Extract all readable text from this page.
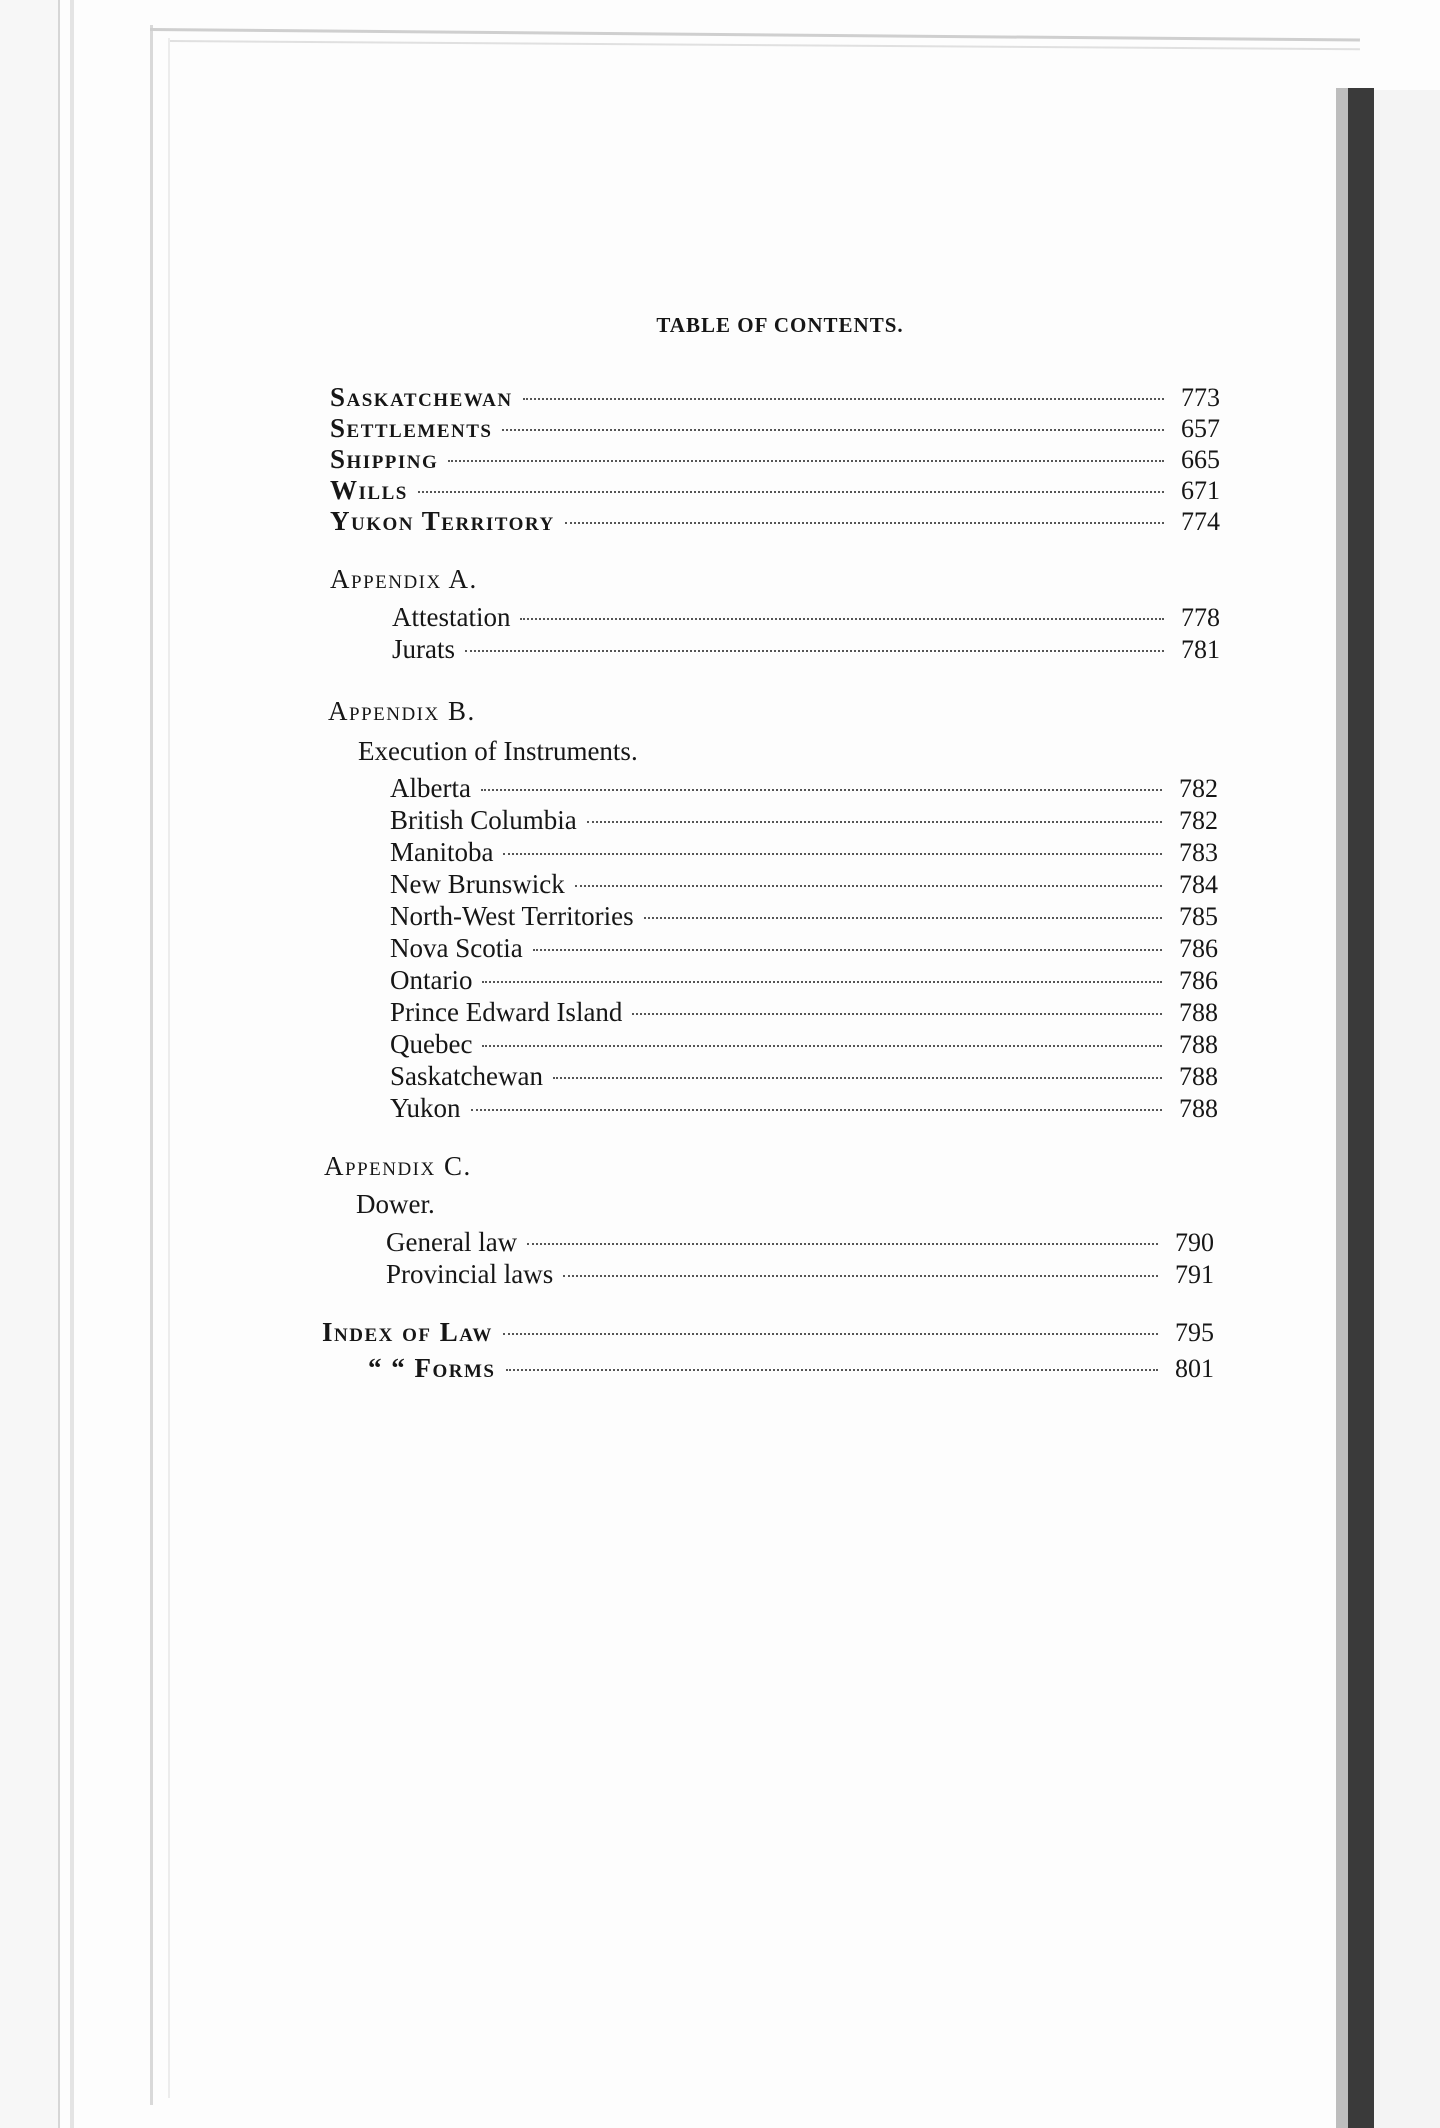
TABLE OF CONTENTS.
Saskatchewan	773
Settlements	657
Shipping	665
Wills	671
Yukon Territory	774
Appendix A.
Attestation	778
Jurats	781
Appendix B.
Execution of Instruments.
Alberta	782
British Columbia	782
Manitoba	783
New Brunswick	784
North-West Territories	785
Nova Scotia	786
Ontario	786
Prince Edward Island	788
Quebec	788
Saskatchewan	788
Yukon	788
Appendix C.
Dower.
General law	790
Provincial laws	791
Index of Law	795
“ “ Forms	801
